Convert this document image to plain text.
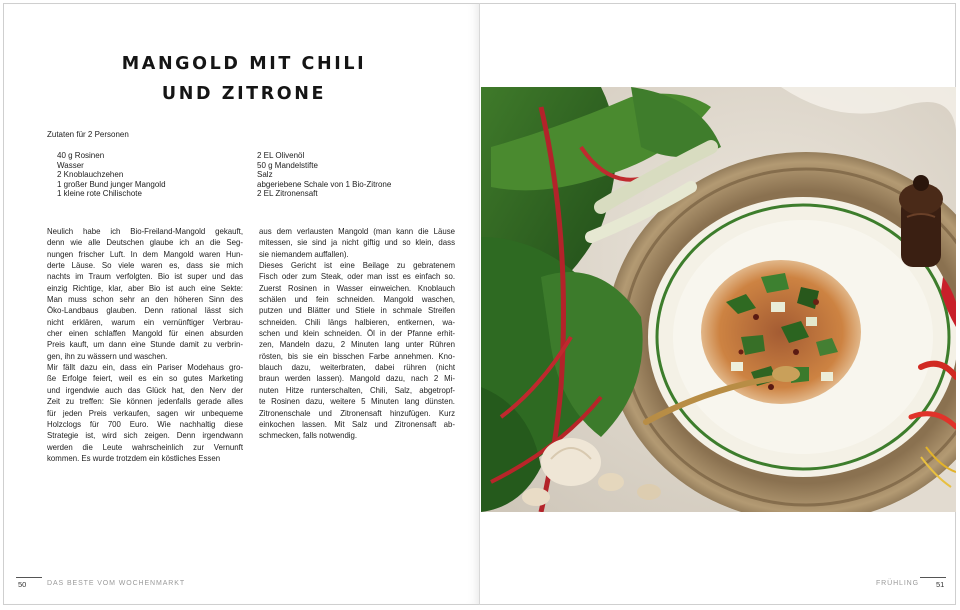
MANGOLD MIT CHILI
UND ZITRONE
Zutaten für 2 Personen
40 g Rosinen
Wasser
2 Knoblauchzehen
1 großer Bund junger Mangold
1 kleine rote Chilischote
2 EL Olivenöl
50 g Mandelstifte
Salz
abgeriebene Schale von 1 Bio-Zitrone
2 EL Zitronensaft
Neulich habe ich Bio-Freiland-Mangold gekauft,
denn wie alle Deutschen glaube ich an die Seg-
nungen frischer Luft. In dem Mangold waren Hun-
derte Läuse. So viele waren es, dass sie mich
nachts im Traum verfolgten. Bio ist super und das
einzig Richtige, klar, aber Bio ist auch eine Sekte:
Man muss schon sehr an den höheren Sinn des
Öko-Landbaus glauben. Denn rational lässt sich
nicht erklären, warum ein vernünftiger Verbrau-
cher einen schlaffen Mangold für einen absurden
Preis kauft, um dann eine Stunde damit zu verbrin-
gen, ihn zu wässern und waschen.
Mir fällt dazu ein, dass ein Pariser Modehaus gro-
ße Erfolge feiert, weil es ein so gutes Marketing
und irgendwie auch das Glück hat, den Nerv der
Zeit zu treffen: Sie können jedenfalls gerade alles
für jeden Preis verkaufen, sagen wir unbequeme
Holzclogs für 700 Euro. Wie nachhaltig diese
Strategie ist, wird sich zeigen. Denn irgendwann
werden die Leute wahrscheinlich zur Vernunft
kommen. Es wurde trotzdem ein köstliches Essen
aus dem verlausten Mangold (man kann die Läuse
mitessen, sie sind ja nicht giftig und so klein, dass
sie niemandem auffallen).
Dieses Gericht ist eine Beilage zu gebratenem
Fisch oder zum Steak, oder man isst es einfach so.
Zuerst Rosinen in Wasser einweichen. Knoblauch
schälen und fein schneiden. Mangold waschen,
putzen und Blätter und Stiele in schmale Streifen
schneiden. Chili längs halbieren, entkernen, wa-
schen und klein schneiden. Öl in der Pfanne erhit-
zen, Mandeln dazu, 2 Minuten lang unter Rühren
rösten, bis sie ein bisschen Farbe annehmen. Kno-
blauch dazu, weiterbraten, dabei rühren (nicht
braun werden lassen). Mangold dazu, nach 2 Mi-
nuten Hitze runterschalten, Chili, Salz, abgetropf-
te Rosinen dazu, weitere 5 Minuten lang dünsten.
Zitronenschale und Zitronensaft hinzufügen. Kurz
einkochen lassen. Mit Salz und Zitronensaft ab-
schmecken, falls notwendig.
50	DAS BESTE VOM WOCHENMARKT	FRÜHLING 51
